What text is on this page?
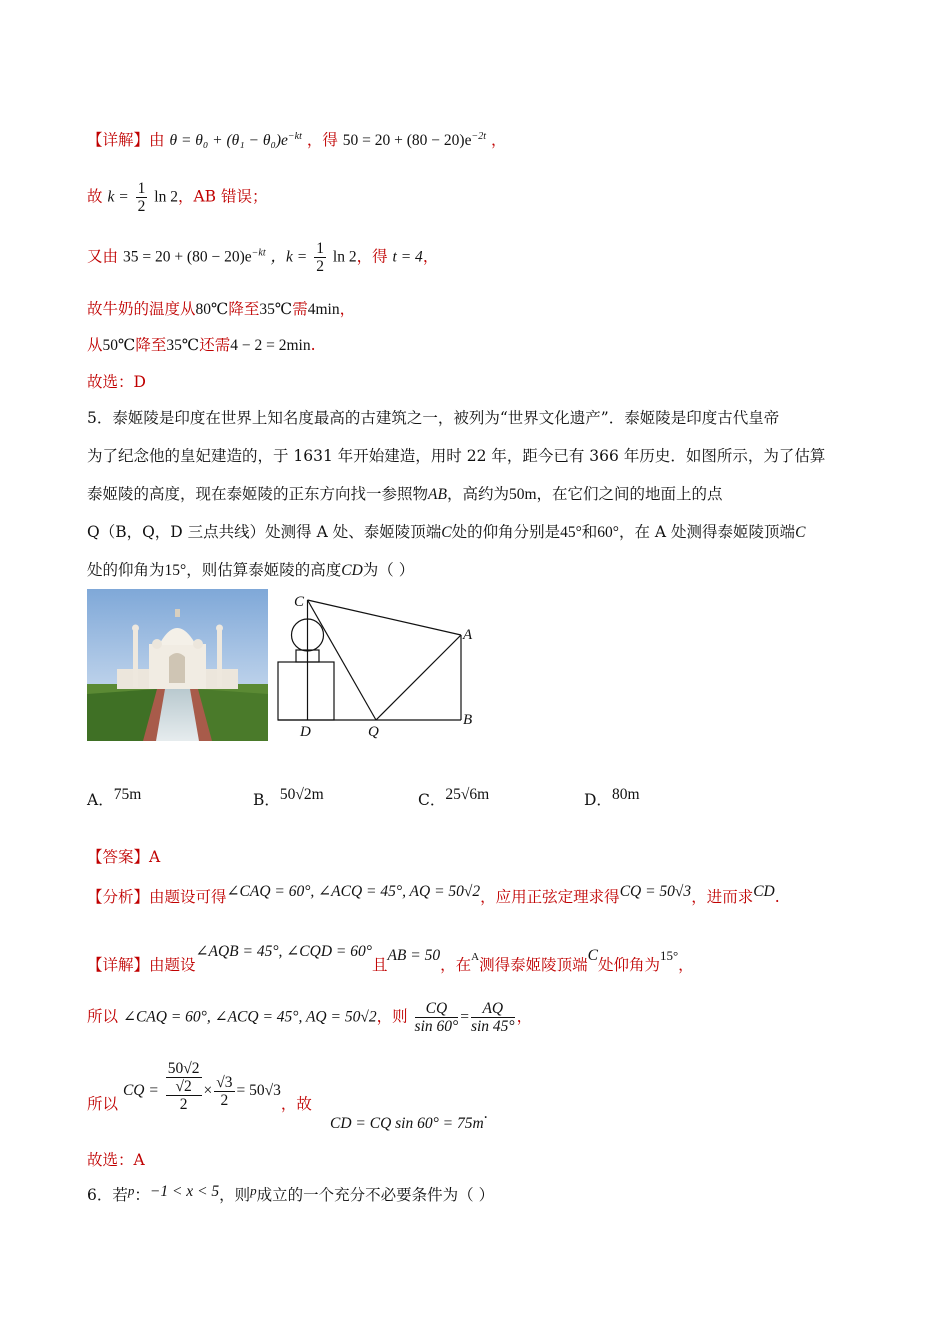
【详解】由 $\theta = \theta_0 + (\theta_1 - \theta_0)e^{-kt}$ ，得 $50 = 20 + (80 - 20)e^{-2t}$ ，
故 $k = \frac{1}{2}$ ln 2，AB 错误；
又由 $35 = 20 + (80 - 20)e^{-kt}$ ，$k = \frac{1}{2}$ ln 2，得 t = 4，
故牛奶的温度从80℃降至35℃需4min，
从50℃降至35℃还需4 − 2 = 2min.
故选：D
5．泰姬陵是印度在世界上知名度最高的古建筑之一，被列为“世界文化遗产”．泰姬陵是印度古代皇帝
为了纪念他的皇妃建造的，于 1631 年开始建造，用时 22 年，距今已有 366 年历史．如图所示，为了估算
泰姬陵的高度，现在泰姬陵的正东方向找一参照物AB，高约为50m，在它们之间的地面上的点
Q（B，Q，D 三点共线）处测得 A 处、泰姬陵顶端C处的仰角分别是45°和60°，在 A 处测得泰姬陵顶端C
处的仰角为15°，则估算泰姬陵的高度CD为（ ）
C
A
B
D	Q
A．75m	B．50√2m	C．25√6m	D．80m
【答案】A
【分析】由题设可得∠CAQ = 60°, ∠ACQ = 45°, AQ = 50√2，应用正弦定理求得CQ = 50√3，进而求CD.
【详解】由题设∠AQB = 45°, ∠CQD = 60°且AB = 50，在$^A$测得泰姬陵顶端C处仰角为$^{15^\circ}$，
所以 ∠CAQ = 60°, ∠ACQ = 45°, AQ = 50√2，则 $\frac{CQ}{\sin 60^\circ} = \frac{AQ}{\sin 45^\circ}$ ，
所以 CQ =
50√2
√2
2
× $\frac{√3}{2} = 50√3$，故
CD = CQ sin 60° = 75m.
故选：A
6．若$^p$：−1 < x < 5，则$^p$成立的一个充分不必要条件为（ ）
